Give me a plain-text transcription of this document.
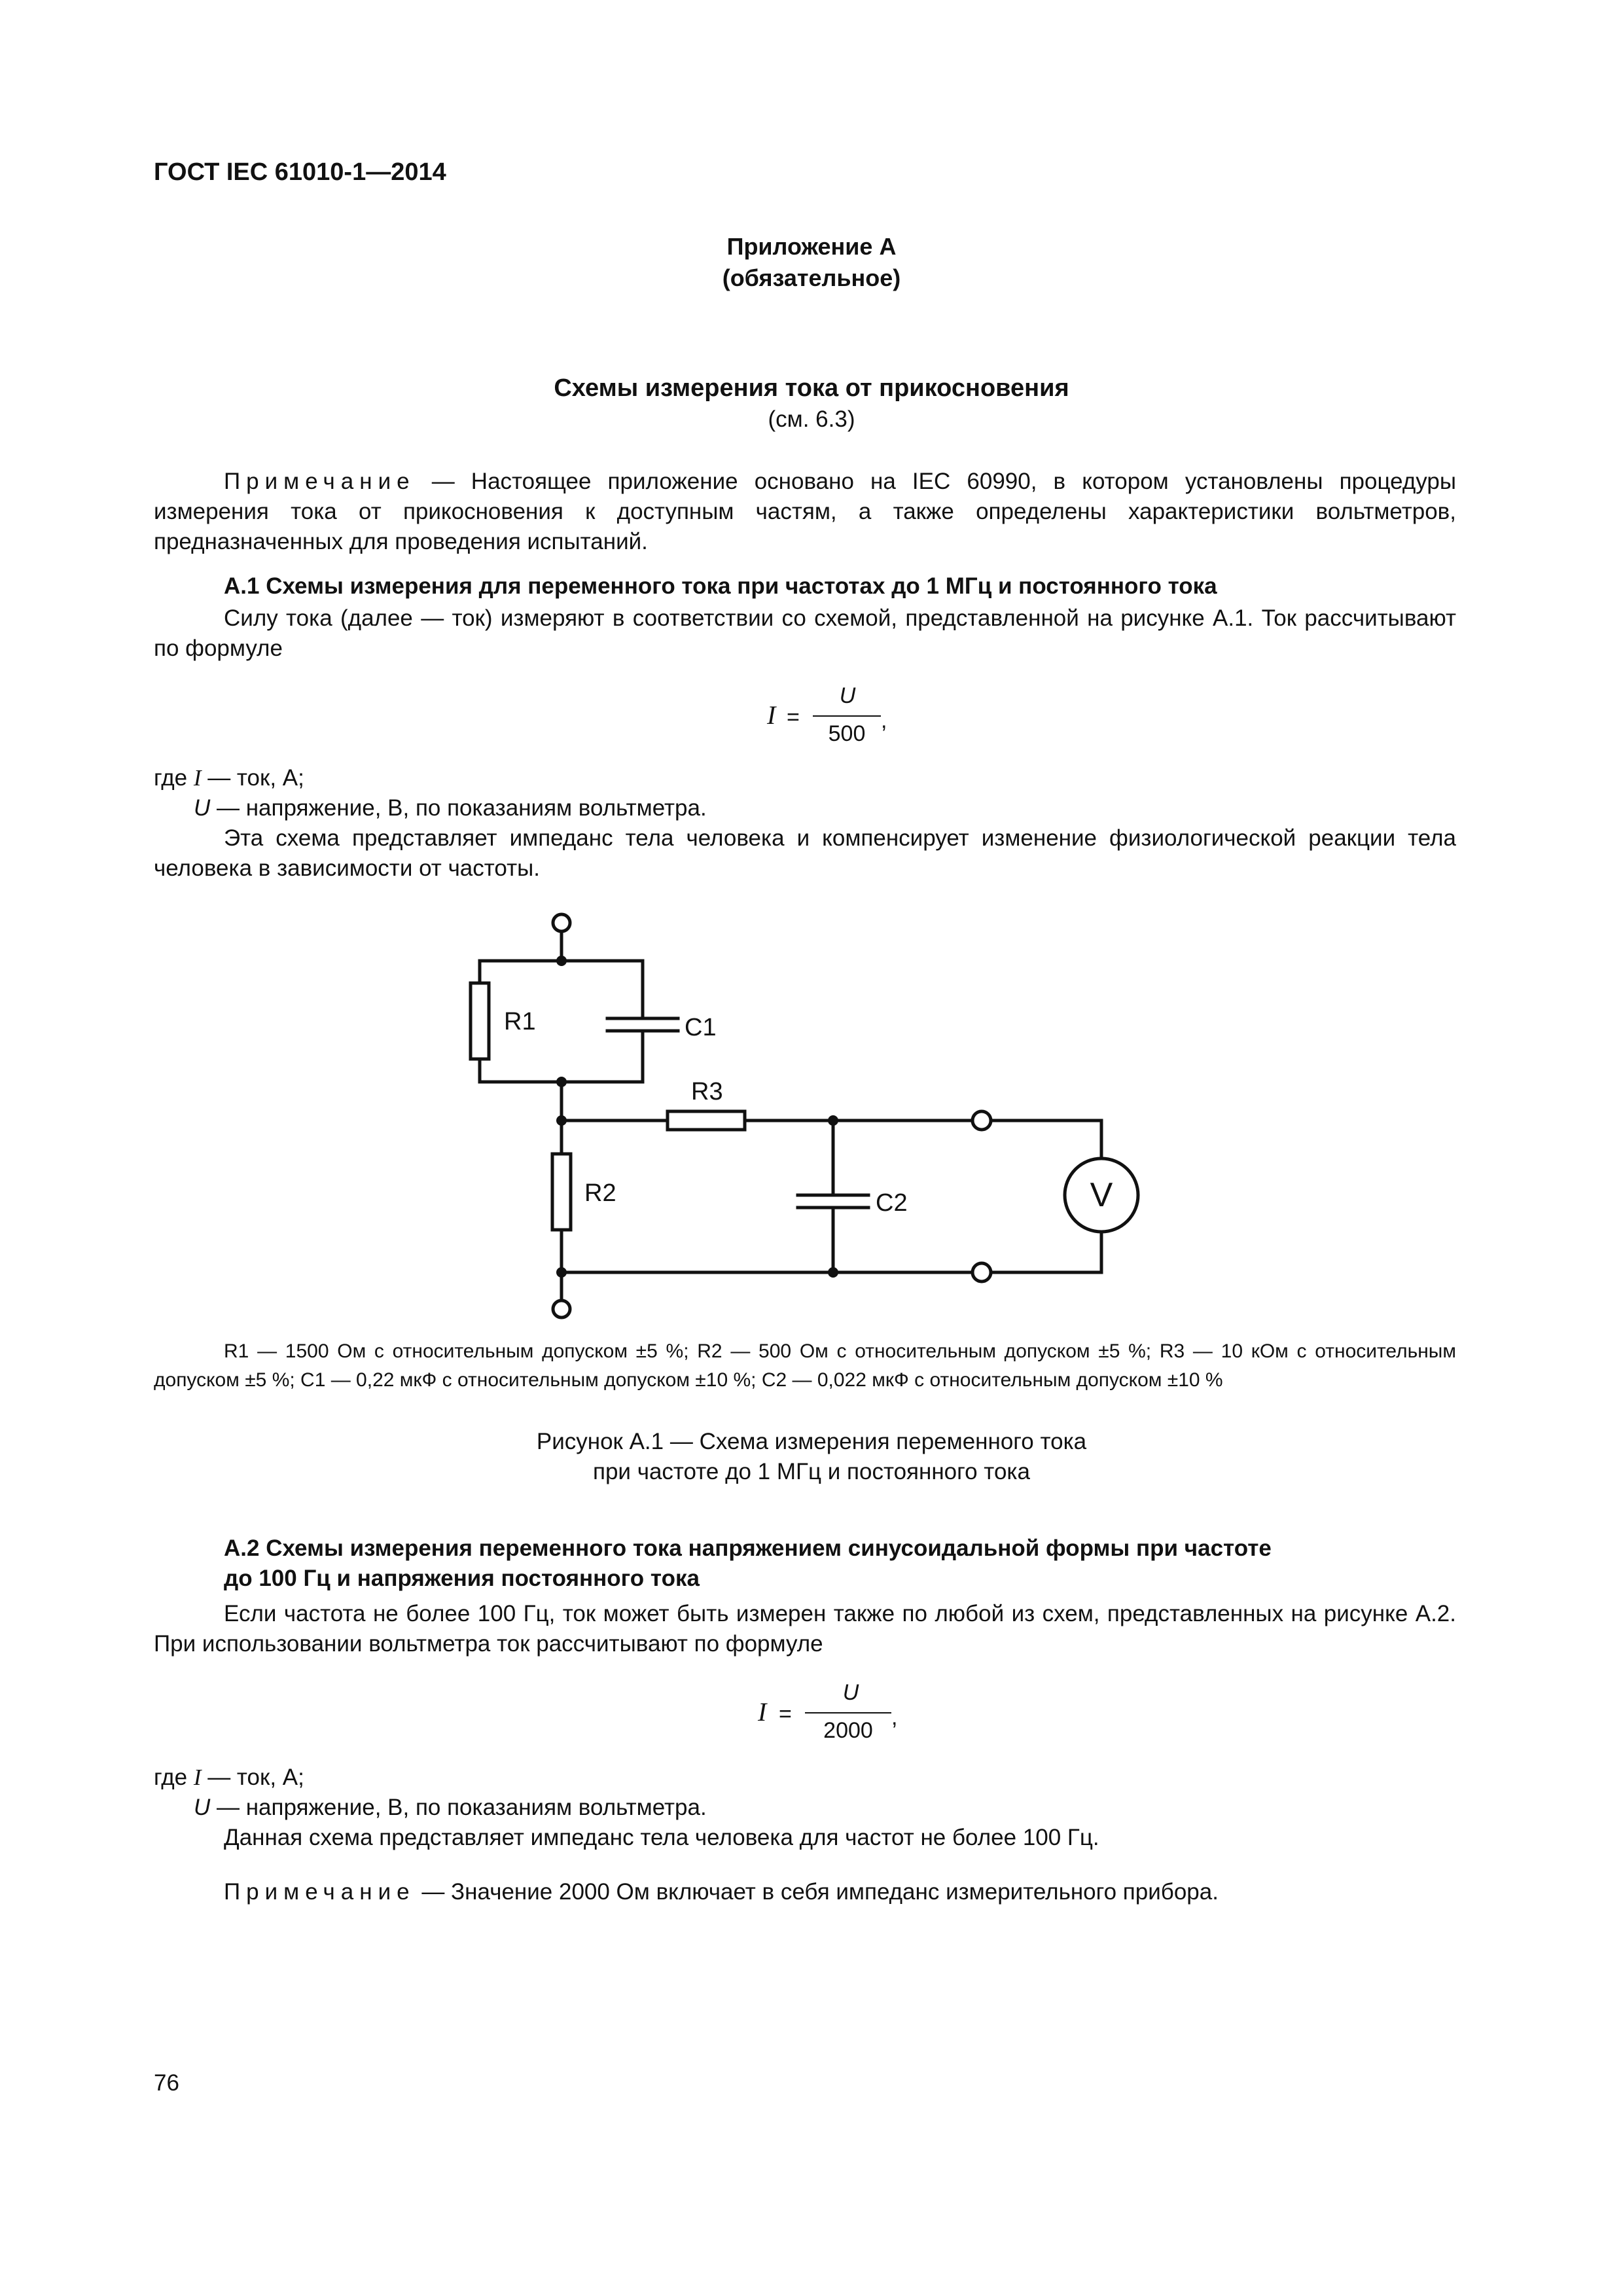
ГОСТ IEC 61010-1—2014
Приложение А
(обязательное)
Схемы измерения тока от прикосновения
(см. 6.3)
Примечание — Настоящее приложение основано на IEC 60990, в котором установлены процедуры измерения тока от прикосновения к доступным частям, а также определены характеристики вольтметров, предназначенных для проведения испытаний.
А.1 Схемы измерения для переменного тока при частотах до 1 МГц и постоянного тока
Силу тока (далее — ток) измеряют в соответствии со схемой, представленной на рисунке А.1. Ток рассчитывают по формуле
I =
U
500
,
где I — ток, А;
U — напряжение, В, по показаниям вольтметра.
Эта схема представляет импеданс тела человека и компенсирует изменение физиологической реакции тела человека в зависимости от частоты.
R1	C1
R3
R2	C2	V
R1 — 1500 Ом с относительным допуском ±5 %; R2 — 500 Ом с относительным допуском ±5 %; R3 — 10 кОм с относительным допуском ±5 %; С1 — 0,22 мкФ с относительным допуском ±10 %; С2 — 0,022 мкФ с относительным допуском ±10 %
Рисунок А.1 — Схема измерения переменного тока
при частоте до 1 МГц и постоянного тока
А.2 Схемы измерения переменного тока напряжением синусоидальной формы при частоте
до 100 Гц и напряжения постоянного тока
Если частота не более 100 Гц, ток может быть измерен также по любой из схем, представленных на рисунке А.2. При использовании вольтметра ток рассчитывают по формуле
I =
U
2000
,
где I — ток, А;
U — напряжение, В, по показаниям вольтметра.
Данная схема представляет импеданс тела человека для частот не более 100 Гц.
Примечание — Значение 2000 Ом включает в себя импеданс измерительного прибора.
76
